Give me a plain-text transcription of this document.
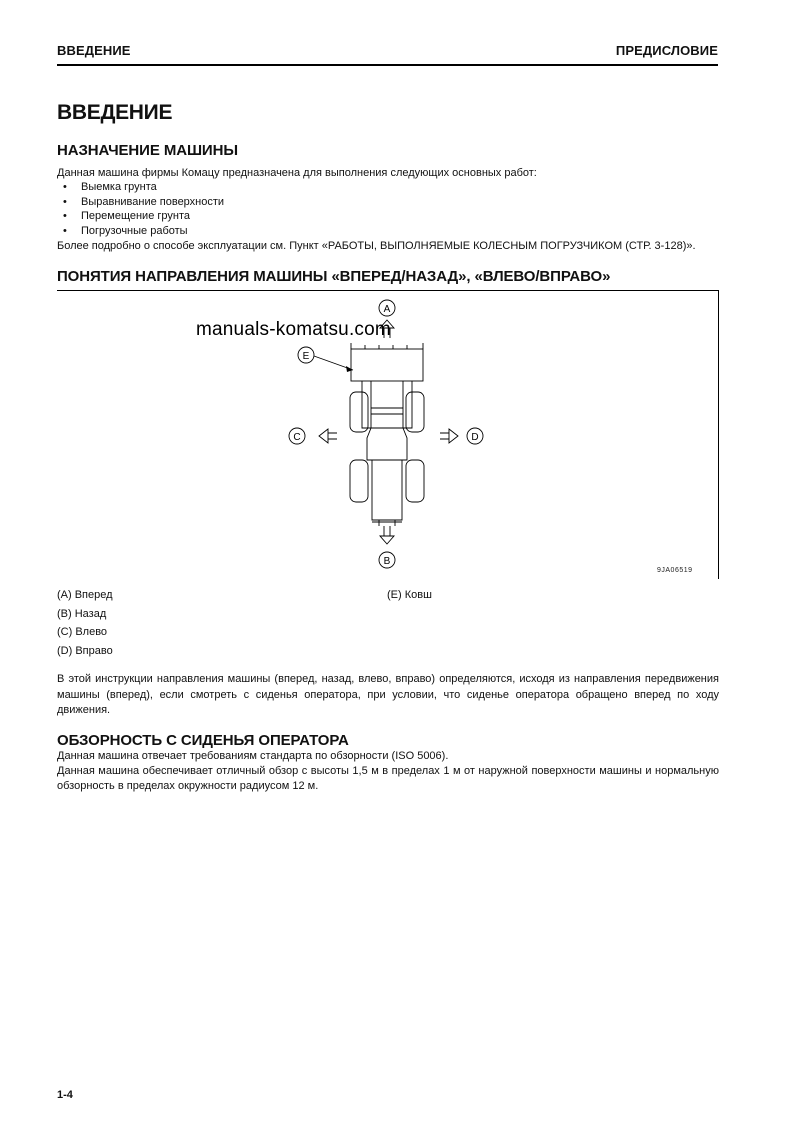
ВВЕДЕНИЕ	ПРЕДИСЛОВИЕ
ВВЕДЕНИЕ
НАЗНАЧЕНИЕ МАШИНЫ
Данная машина фирмы Комацу предназначена для выполнения следующих основных работ:
• Выемка грунта
• Выравнивание поверхности
• Перемещение грунта
• Погрузочные работы
Более подробно о способе эксплуатации см. Пункт «РАБОТЫ, ВЫПОЛНЯЕМЫЕ КОЛЕСНЫМ ПОГРУЗЧИКОМ (СТР. 3-128)».
ПОНЯТИЯ НАПРАВЛЕНИЯ МАШИНЫ «ВПЕРЕД/НАЗАД», «ВЛЕВО/ВПРАВО»
A
E
C	D
B
9JA06519
manuals-komatsu.com
(A) Вперед
(B) Назад
(C) Влево
(D) Вправо
(E) Ковш
В этой инструкции направления машины (вперед, назад, влево, вправо) определяются, исходя из направления передвижения машины (вперед), если смотреть с сиденья оператора, при условии, что сиденье оператора обращено вперед по ходу движения.
ОБЗОРНОСТЬ С СИДЕНЬЯ ОПЕРАТОРА
Данная машина отвечает требованиям стандарта по обзорности (ISO 5006).
Данная машина обеспечивает отличный обзор с высоты 1,5 м в пределах 1 м от наружной поверхности машины и нормальную обзорность в пределах окружности радиусом 12 м.
1-4
